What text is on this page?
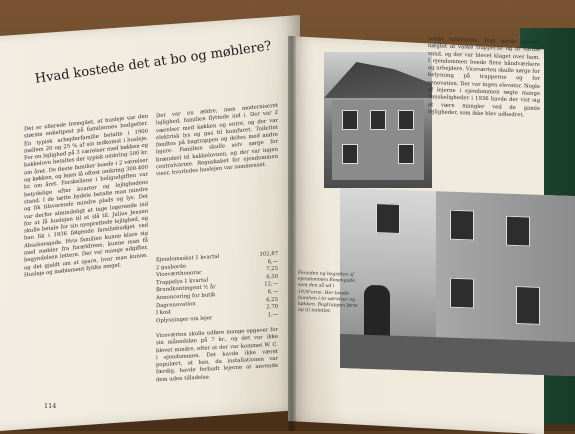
Hvad kostede det at bo og møblere?
Det er allerede fremgået, at husleje var den største enkeltpost på familiernes budgetter. En typisk arbejderfamilie betalte i 1900 mellem 20 og 25 % af sin indkomst i husleje. For en lejlighed på 3 værelser med køkken og kakkelovn betaltes der typisk omkring 500 kr. om året. De fleste familier boede i 2 værelser og køkken, og lejen lå oftest omkring 300-400 kr. om året. Forskellene i boligudgiften var betydelige efter kvarter og lejlighedens stand. I de tætte bydele betalte man mindre og fik tilsvarende mindre plads og lys. Det var derfor almindeligt at tage logerende ind for at få huslejen til at slå til. Julius Jensen skulle betale for sin nyoprettede lejlighed, og han fik i 1936 følgende familiebudget ved Absalonsgade. Hvis familien kunne klare sig med møbler fra forældrene, kunne man få begyndelsen lettere. Der var mange udgifter, og det gjaldt om at spare, hvor man kunne. Husleje og møblement fyldte meget.
Det var en ældre, men moderniseret lejlighed, familien flyttede ind i. Der var 2 værelser med køkken og entré, og der var elektrisk lys og gas til komfuret. Toilettet fandtes på bagtrappen og deltes med andre lejere. Familien skulle selv sørge for brændsel til kakkelovnen, og der var ingen centralvarme. Regnskabet for ejendommen viser, hvorledes huslejen var sammensat.
Ejendomsskat 1 kvartal	102,87
2 gasborde
6,—
Viceværthonorar
7,25
Trappelys 1 kvartal
6,50
Brandkontingent ½ år	12,—
Annoncering for butik
6,—
Dagrenovation
6,25
I kost
2,70
Oplysninger om lejer
1,—
Viceværten skulle udføre mange opgaver for sin månedsløn på 7 kr., og det var ikke blevet mindre, efter at der var kommet W. C. i ejendommen. Det havde ikke været populært, at han, da installationen var færdig, havde forbudt lejerne at anvende dem uden tilladelse.
114
vende toiletterne. Han havde senere nægtet at vaske trapperne og at varme vand, og der var blevet klaget over ham. I ejendommen boede flere håndværkere og arbejdere. Viceværten skulle sørge for belysning på trapperne og for renovation. Der var ingen elevator. Nogle af lejerne i ejendommen søgte mange vanskeligheder i 1936 havde der vist sig at være mangler ved de gamle lejligheder, som ikke blev udbedret.
Forsiden og bagsiden af ejendommen Rosengade, som den så ud i 1930'erne. Her boede familien i to værelser og køkken. Bagtrappen førte op til toilettet.
